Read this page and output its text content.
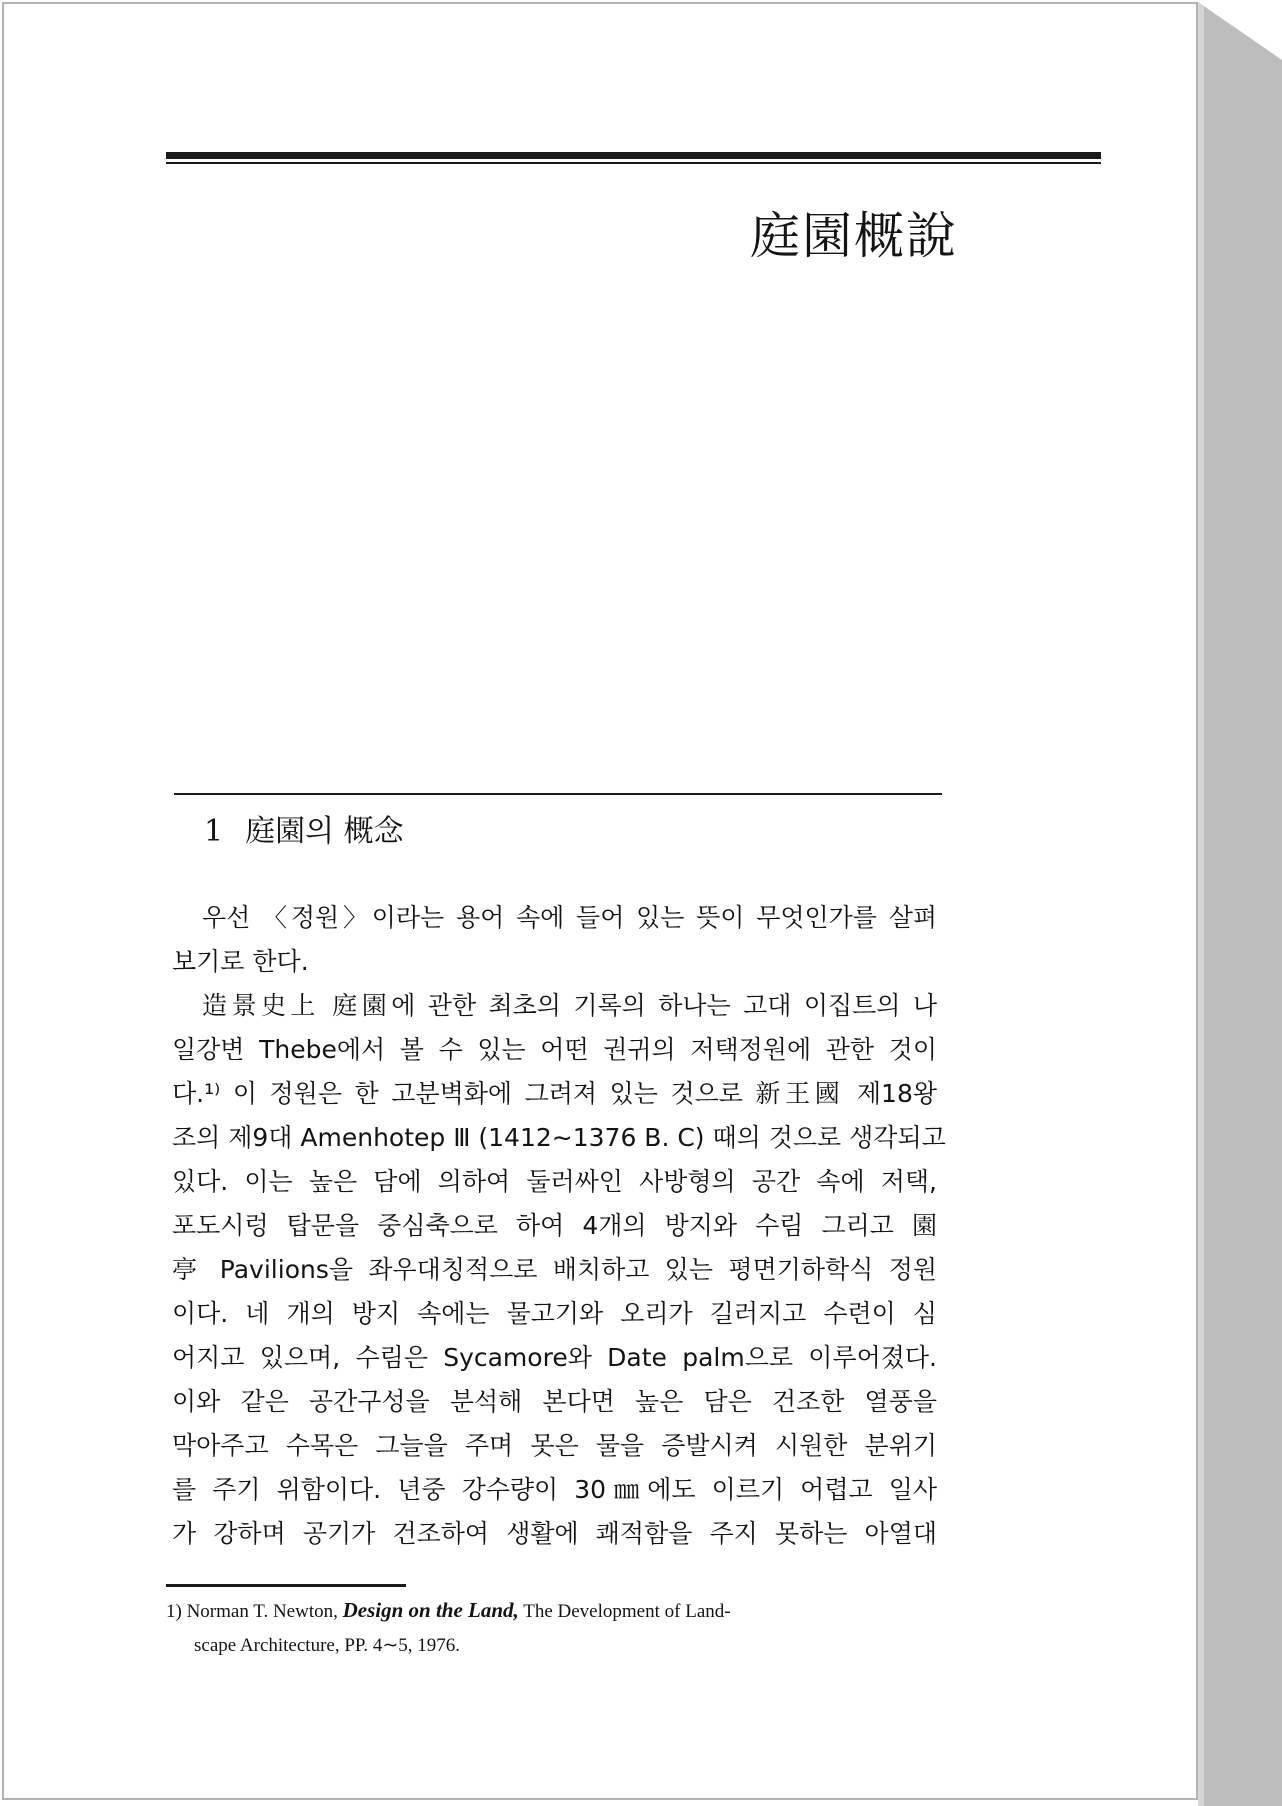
庭園概說
1 庭園의 概念
우선 〈정원〉이라는 용어 속에 들어 있는 뜻이 무엇인가를 살펴
보기로 한다.
造景史上 庭園에 관한 최초의 기록의 하나는 고대 이집트의 나
일강변 Thebe에서 볼 수 있는 어떤 권귀의 저택정원에 관한 것이
다.¹⁾ 이 정원은 한 고분벽화에 그려져 있는 것으로 新王國 제18왕
조의 제9대 Amenhotep Ⅲ (1412∼1376 B. C) 때의 것으로 생각되고
있다. 이는 높은 담에 의하여 둘러싸인 사방형의 공간 속에 저택,
포도시렁 탑문을 중심축으로 하여 4개의 방지와 수림 그리고 園
亭 Pavilions을 좌우대칭적으로 배치하고 있는 평면기하학식 정원
이다. 네 개의 방지 속에는 물고기와 오리가 길러지고 수련이 심
어지고 있으며, 수림은 Sycamore와 Date palm으로 이루어졌다.
이와 같은 공간구성을 분석해 본다면 높은 담은 건조한 열풍을
막아주고 수목은 그늘을 주며 못은 물을 증발시켜 시원한 분위기
를 주기 위함이다. 년중 강수량이 30㎜에도 이르기 어렵고 일사
가 강하며 공기가 건조하여 생활에 쾌적함을 주지 못하는 아열대
1) Norman T. Newton, Design on the Land, The Development of Land-
scape Architecture, PP. 4∼5, 1976.
